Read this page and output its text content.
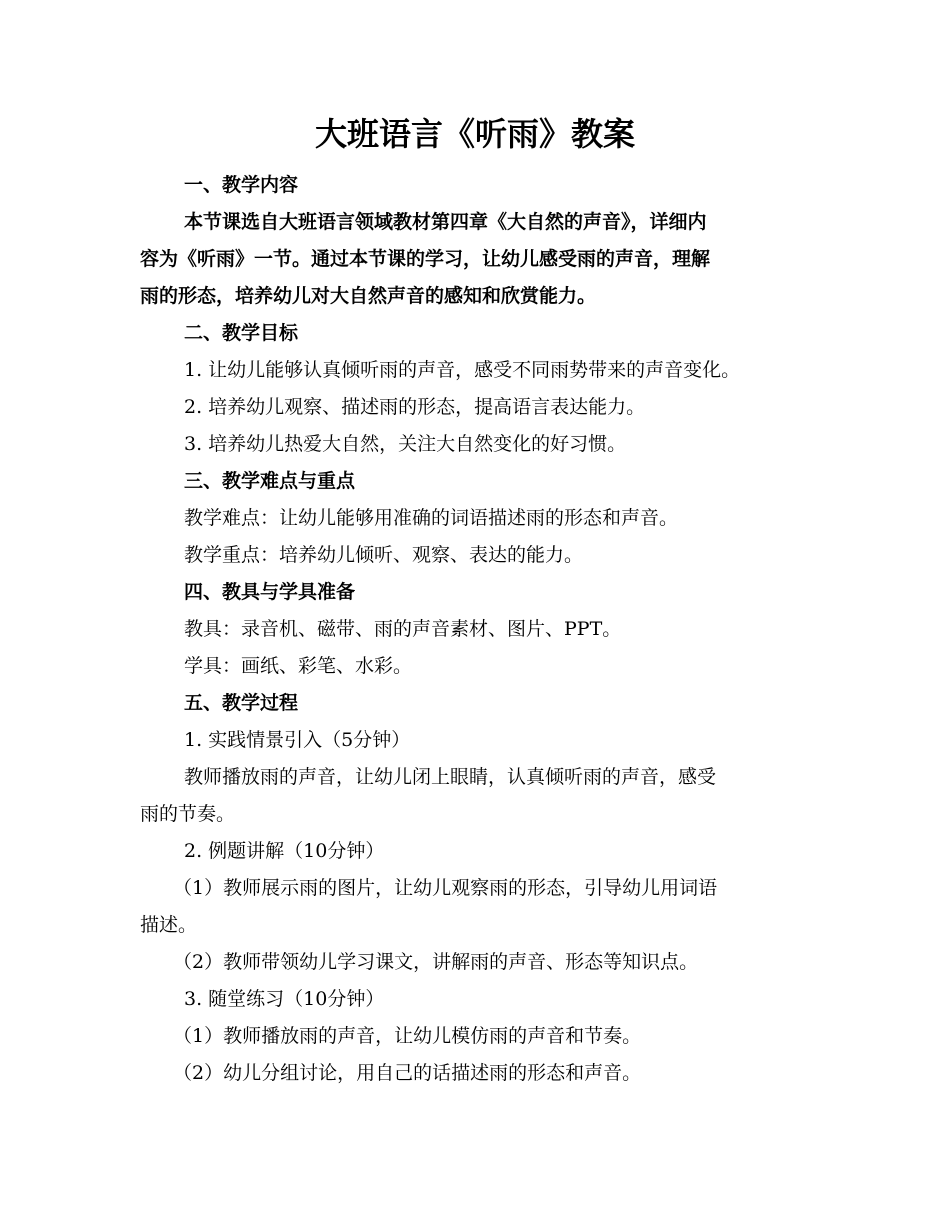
大班语言《听雨》教案

一、教学内容

本节课选自大班语言领域教材第四章《大自然的声音》，详细内

容为《听雨》一节。通过本节课的学习，让幼儿感受雨的声音，理解

雨的形态，培养幼儿对大自然声音的感知和欣赏能力。

二、教学目标

1. 让幼儿能够认真倾听雨的声音，感受不同雨势带来的声音变化。

2. 培养幼儿观察、描述雨的形态，提高语言表达能力。

3. 培养幼儿热爱大自然，关注大自然变化的好习惯。

三、教学难点与重点

教学难点：让幼儿能够用准确的词语描述雨的形态和声音。

教学重点：培养幼儿倾听、观察、表达的能力。

四、教具与学具准备

教具：录音机、磁带、雨的声音素材、图片、PPT。

学具：画纸、彩笔、水彩。

五、教学过程

1. 实践情景引入（5分钟）

教师播放雨的声音，让幼儿闭上眼睛，认真倾听雨的声音，感受

雨的节奏。

2. 例题讲解（10分钟）

（1）教师展示雨的图片，让幼儿观察雨的形态，引导幼儿用词语

描述。

（2）教师带领幼儿学习课文，讲解雨的声音、形态等知识点。

3. 随堂练习（10分钟）

（1）教师播放雨的声音，让幼儿模仿雨的声音和节奏。

（2）幼儿分组讨论，用自己的话描述雨的形态和声音。
